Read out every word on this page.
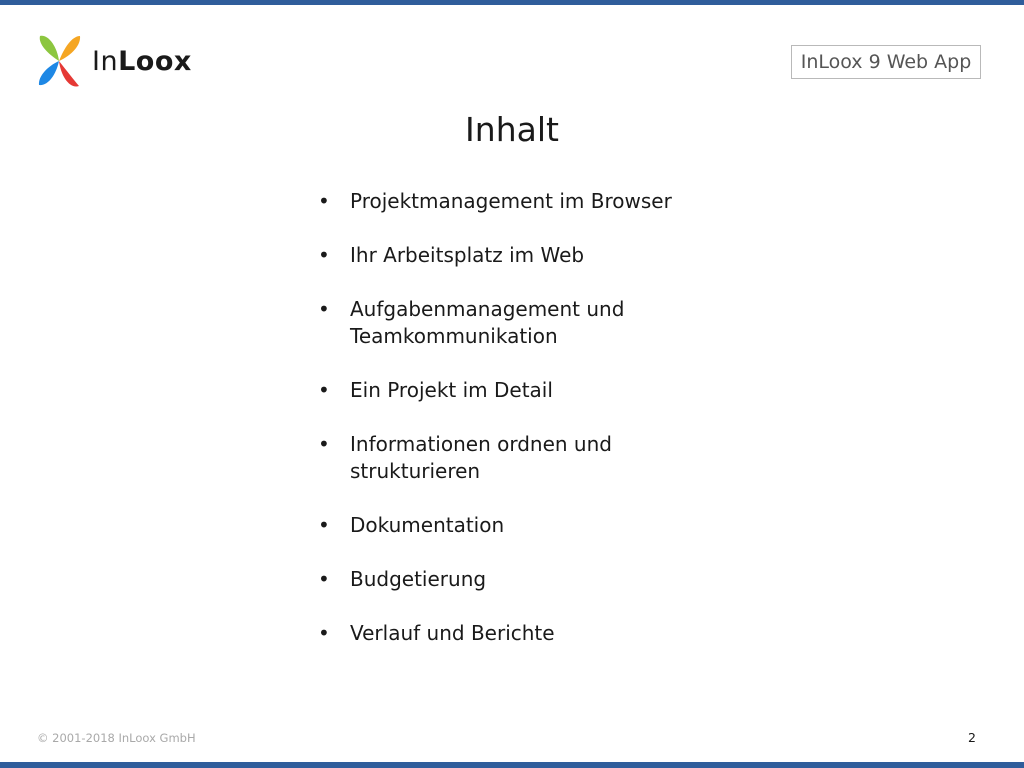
In Loox	InLoox 9 Web App
Inhalt
• Projektmanagement im Browser
• Ihr Arbeitsplatz im Web
• Aufgabenmanagement und Teamkommunikation
• Ein Projekt im Detail
• Informationen ordnen und strukturieren
• Dokumentation
• Budgetierung
• Verlauf und Berichte
© 2001-2018 InLoox GmbH	2
